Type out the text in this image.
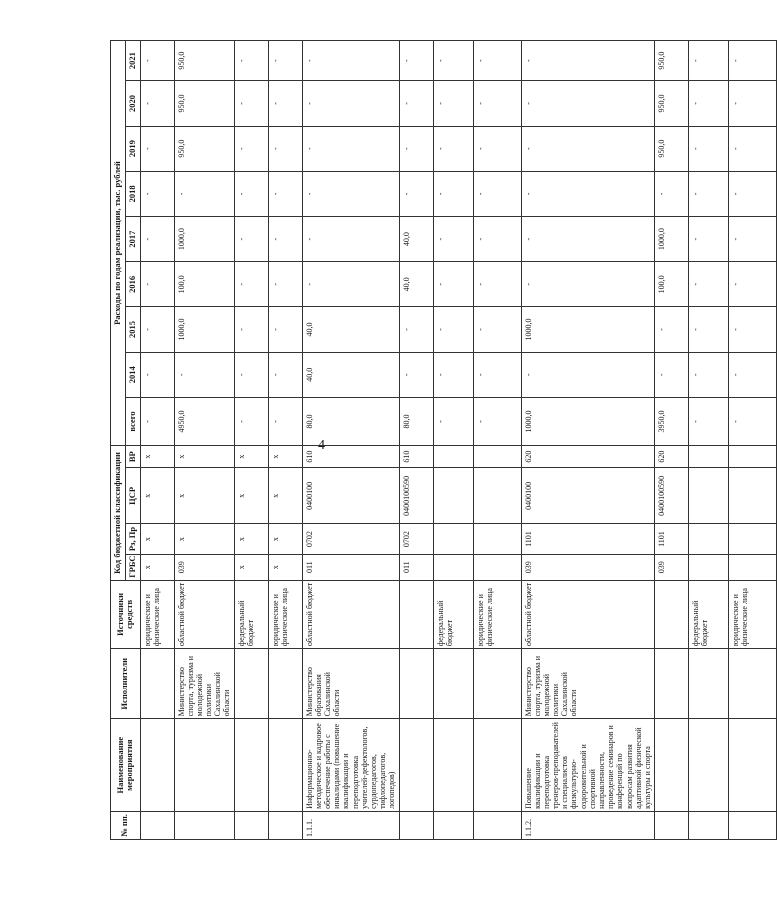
4
№ пп.	Наименование мероприятия	Исполнители	Источники средств	Код бюджетной классификации				Расходы по годам реализации, тыс. рублей								
				ГРБС	Рз, Пр	ЦСР	ВР	всего	2014	2015	2016	2017	2018	2019	2020	2021
			юридические и физические лица	х	х	х	х	-	-	-	-	-	-	-	-	-
		Министерство спорта, туризма и молодежной политики Сахалинской области	областной бюджет	039	х	х	х	4950,0	-	1000,0	100,0	1000,0	-	950,0	950,0	950,0
			федеральный бюджет	х	х	х	х	-	-	-	-	-	-	-	-	-
			юридические и физические лица	х	х	х	х	-	-	-	-	-	-	-	-	-
1.1.1.	Информационно-методическое и кадровое обеспечение работы с инвалидами (повышение квалификации и переподготовка учителей-дефектологов, сурдопедагогов, тифлопедагогов, логопедов)	Министерство образования Сахалинской области	областной бюджет	011	0702	0400100	610	80,0	40,0	40,0	-	-	-	-	-	-
				011	0702	0400100590	610	80,0	-	-	40,0	40,0	-	-	-	-
			федеральный бюджет					-	-	-	-	-	-	-	-	-
			юридические и физические лица					-	-	-	-	-	-	-	-	-
1.1.2.	Повышение квалификации и переподготовка тренеров-преподавателей и специалистов физкультурно-оздоровительной и спортивной направленности, проведение семинаров и конференций по вопросам развития адаптивной физической культуры и спорта	Министерство спорта, туризма и молодежной политики Сахалинской области	областной бюджет	039	1101	0400100	620	1000,0	-	1000,0	-	-	-	-	-	-
				039	1101	0400100590	620	3950,0	-	-	100,0	1000,0	-	950,0	950,0	950,0
			федеральный бюджет					-	-	-	-	-	-	-	-	-
			юридические и физические лица					-	-	-	-	-	-	-	-	-
